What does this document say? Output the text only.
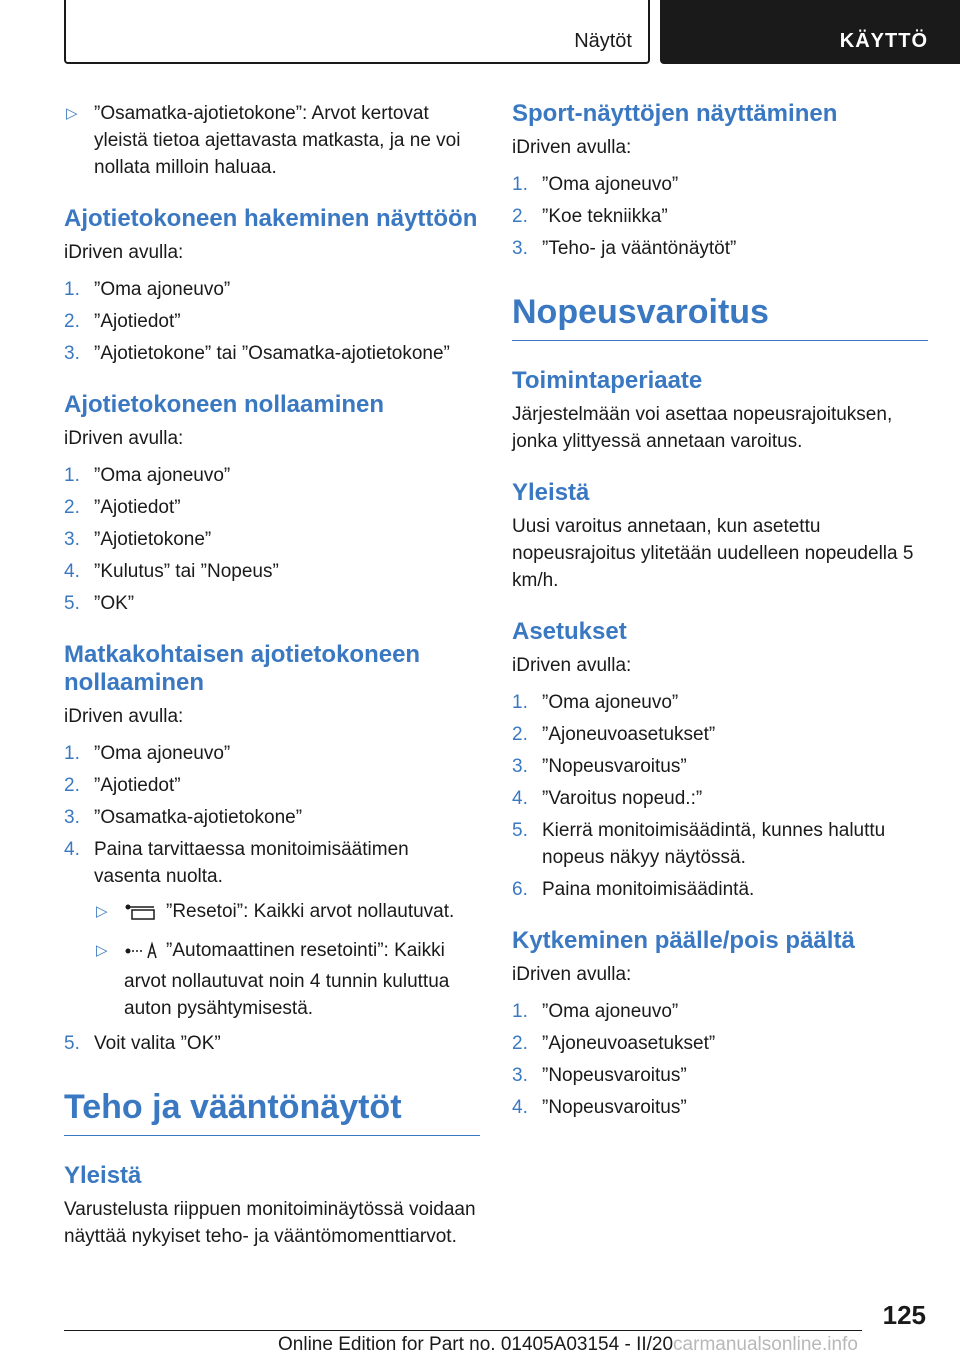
Näytöt	KÄYTTÖ
▷ ”Osamatka-ajotietokone”: Arvot kertovat yleistä tietoa ajettavasta matkasta, ja ne voi nollata milloin haluaa.
Ajotietokoneen hakeminen näyttöön

iDriven avulla:

1. ”Oma ajoneuvo”
2. ”Ajotiedot”
3. ”Ajotietokone” tai ”Osamatka-ajotietokone”
Ajotietokoneen nollaaminen

iDriven avulla:

1. ”Oma ajoneuvo”
2. ”Ajotiedot”
3. ”Ajotietokone”
4. ”Kulutus” tai ”Nopeus”
5. ”OK”
Matkakohtaisen ajotietokoneen nollaaminen

iDriven avulla:

1. ”Oma ajoneuvo”
2. ”Ajotiedot”
3. ”Osamatka-ajotietokone”
4. Paina tarvittaessa monitoimisäätimen vasenta nuolta.
▷	”Resetoi”: Kaikki arvot nollautuvat.
▷	”Automaattinen resetointi”: Kaikki arvot nollautuvat noin 4 tunnin kuluttua auton pysähtymisestä.
5. Voit valita ”OK”
Teho ja vääntönäytöt
Yleistä

Varustelusta riippuen monitoiminäytössä voidaan näyttää nykyiset teho- ja vääntömomenttiarvot.

Sport-näyttöjen näyttäminen

iDriven avulla:

1. ”Oma ajoneuvo”
2. ”Koe tekniikka”
3. ”Teho- ja vääntönäytöt”
Nopeusvaroitus
Toimintaperiaate

Järjestelmään voi asettaa nopeusrajoituksen, jonka ylittyessä annetaan varoitus.

Yleistä

Uusi varoitus annetaan, kun asetettu nopeusrajoitus ylitetään uudelleen nopeudella 5 km/h.

Asetukset

iDriven avulla:

1. ”Oma ajoneuvo”
2. ”Ajoneuvoasetukset”
3. ”Nopeusvaroitus”
4. ”Varoitus nopeud.:”
5. Kierrä monitoimisäädintä, kunnes haluttu nopeus näkyy näytössä.
6. Paina monitoimisäädintä.
Kytkeminen päälle/pois päältä

iDriven avulla:

1. ”Oma ajoneuvo”
2. ”Ajoneuvoasetukset”
3. ”Nopeusvaroitus”
4. ”Nopeusvaroitus”
125
Online Edition for Part no. 01405A03154 - II/20carmanualsonline.info
